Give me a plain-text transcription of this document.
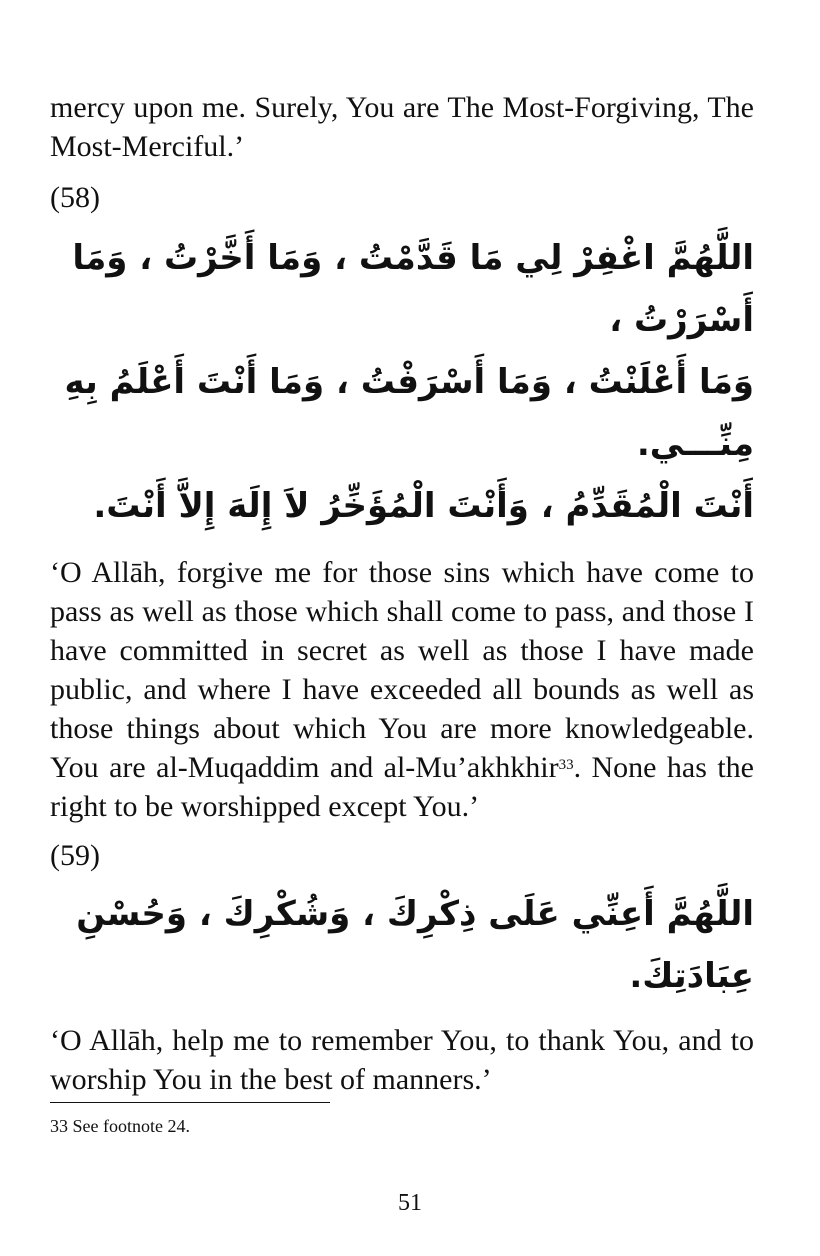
mercy upon me. Surely, You are The Most-Forgiving, The Most-Merciful.’

(58)

اللَّهُمَّ اغْفِرْ لِي مَا قَدَّمْتُ ، وَمَا أَخَّرْتُ ، وَمَا أَسْرَرْتُ ،

وَمَا أَعْلَنْتُ ، وَمَا أَسْرَفْتُ ، وَمَا أَنْتَ أَعْلَمُ بِهِ مِنِّـــي.

أَنْتَ الْمُقَدِّمُ ، وَأَنْتَ الْمُؤَخِّرُ لاَ إِلَهَ إِلاَّ أَنْتَ.

‘O Allāh, forgive me for those sins which have come to pass as well as those which shall come to pass, and those I have committed in secret as well as those I have made public, and where I have exceeded all bounds as well as those things about which You are more knowledgeable. You are al-Muqaddim and al-Mu’akhkhir$^{33}$. None has the right to be worshipped except You.’

(59)

اللَّهُمَّ أَعِنِّي عَلَى ذِكْرِكَ ، وَشُكْرِكَ ، وَحُسْنِ عِبَادَتِكَ.

‘O Allāh, help me to remember You, to thank You, and to worship You in the best of manners.’

33 See footnote 24.

51
